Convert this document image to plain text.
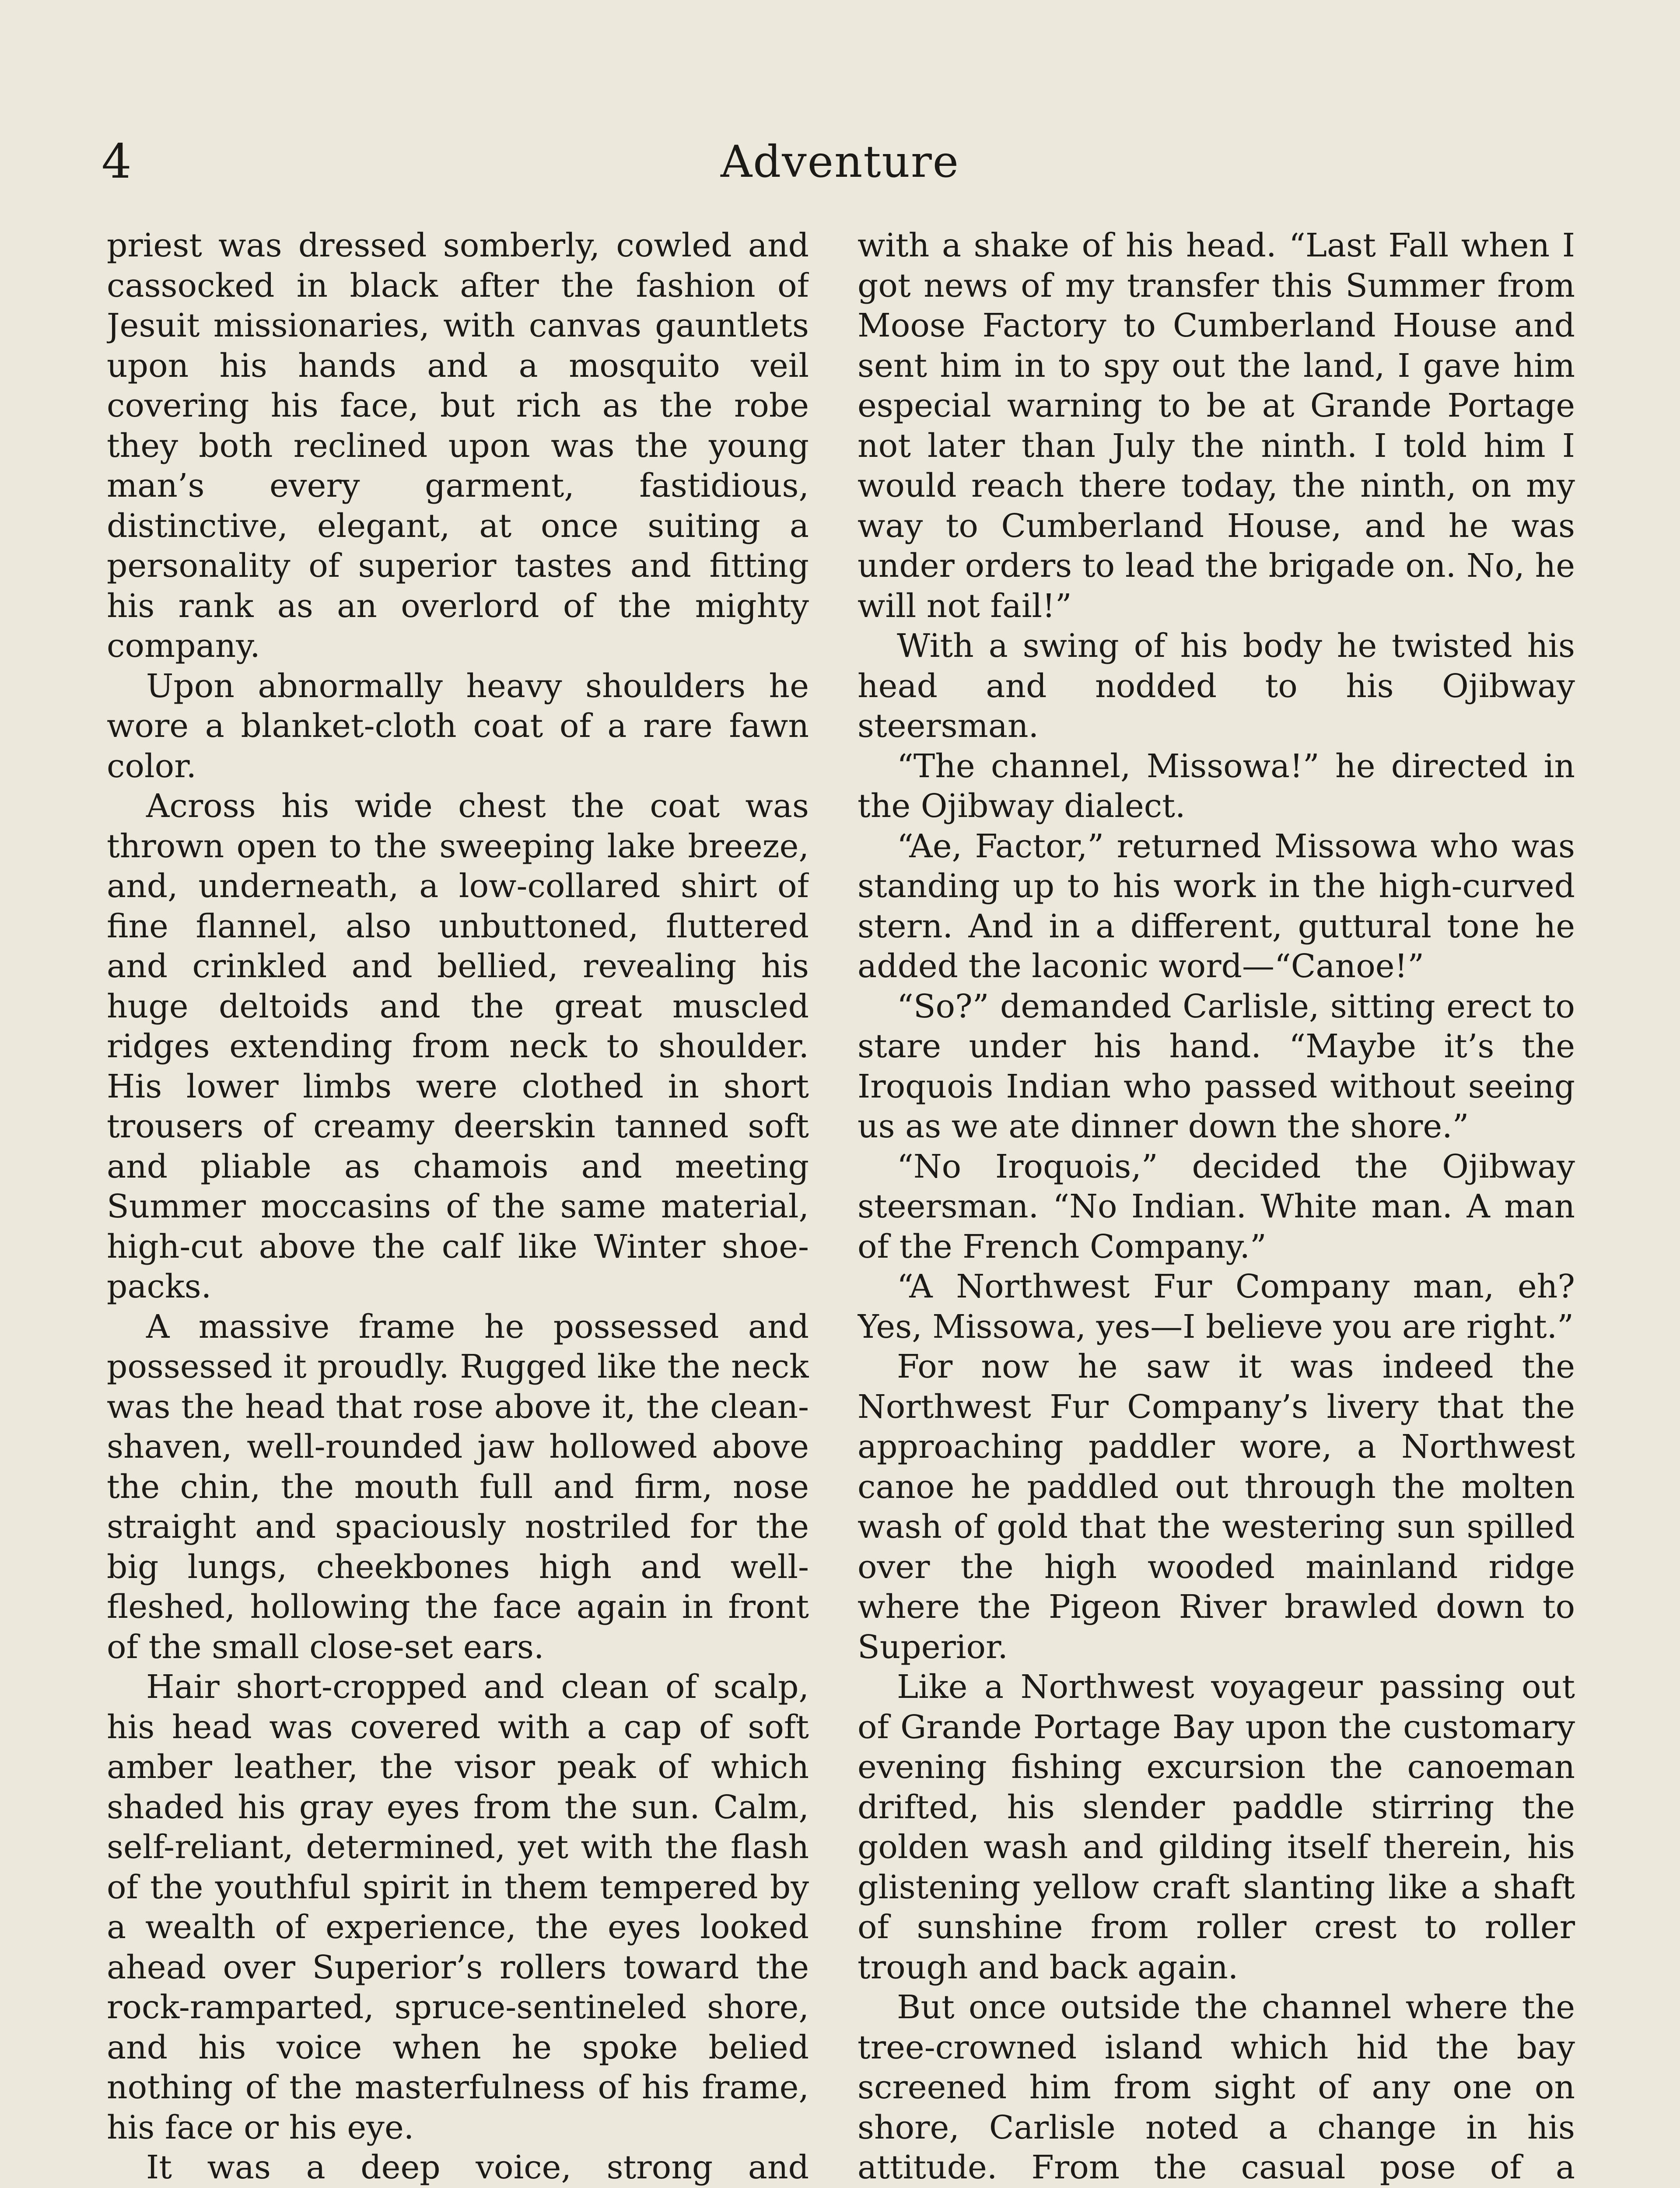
4	Adventure

priest was dressed somberly, cowled and cassocked in black after the fashion of Jesuit missionaries, with canvas gauntlets upon his hands and a mosquito veil covering his face, but rich as the robe they both reclined upon was the young man’s every garment, fastidious, distinctive, elegant, at once suiting a personality of superior tastes and fitting his rank as an overlord of the mighty company.

Upon abnormally heavy shoulders he wore a blanket-cloth coat of a rare fawn color.

Across his wide chest the coat was thrown open to the sweeping lake breeze, and, underneath, a low-collared shirt of fine flannel, also unbuttoned, fluttered and crinkled and bellied, revealing his huge deltoids and the great muscled ridges extending from neck to shoulder. His lower limbs were clothed in short trousers of creamy deerskin tanned soft and pliable as chamois and meeting Summer moccasins of the same material, high-cut above the calf like Winter shoe-packs.

A massive frame he possessed and possessed it proudly. Rugged like the neck was the head that rose above it, the clean-shaven, well-rounded jaw hollowed above the chin, the mouth full and firm, nose straight and spaciously nostriled for the big lungs, cheekbones high and well-fleshed, hollowing the face again in front of the small close-set ears.

Hair short-cropped and clean of scalp, his head was covered with a cap of soft amber leather, the visor peak of which shaded his gray eyes from the sun. Calm, self-reliant, determined, yet with the flash of the youthful spirit in them tempered by a wealth of experience, the eyes looked ahead over Superior’s rollers toward the rock-ramparted, spruce-sentineled shore, and his voice when he spoke belied nothing of the masterfulness of his frame, his face or his eye.

It was a deep voice, strong and

with a shake of his head. “Last Fall when I got news of my transfer this Summer from Moose Factory to Cumberland House and sent him in to spy out the land, I gave him especial warning to be at Grande Portage not later than July the ninth. I told him I would reach there today, the ninth, on my way to Cumberland House, and he was under orders to lead the brigade on. No, he will not fail!”

With a swing of his body he twisted his head and nodded to his Ojibway steersman.

“The channel, Missowa!” he directed in the Ojibway dialect.

“Ae, Factor,” returned Missowa who was standing up to his work in the high-curved stern. And in a different, guttural tone he added the laconic word—“Canoe!”

“So?” demanded Carlisle, sitting erect to stare under his hand. “Maybe it’s the Iroquois Indian who passed without seeing us as we ate dinner down the shore.”

“No Iroquois,” decided the Ojibway steersman. “No Indian. White man. A man of the French Company.”

“A Northwest Fur Company man, eh? Yes, Missowa, yes—I believe you are right.”

For now he saw it was indeed the Northwest Fur Company’s livery that the approaching paddler wore, a Northwest canoe he paddled out through the molten wash of gold that the westering sun spilled over the high wooded mainland ridge where the Pigeon River brawled down to Superior.

Like a Northwest voyageur passing out of Grande Portage Bay upon the customary evening fishing excursion the canoeman drifted, his slender paddle stirring the golden wash and gilding itself therein, his glistening yellow craft slanting like a shaft of sunshine from roller crest to roller trough and back again.

But once outside the channel where the tree-crowned island which hid the bay screened him from sight of any one on shore, Carlisle noted a change in his attitude. From the casual pose of a
